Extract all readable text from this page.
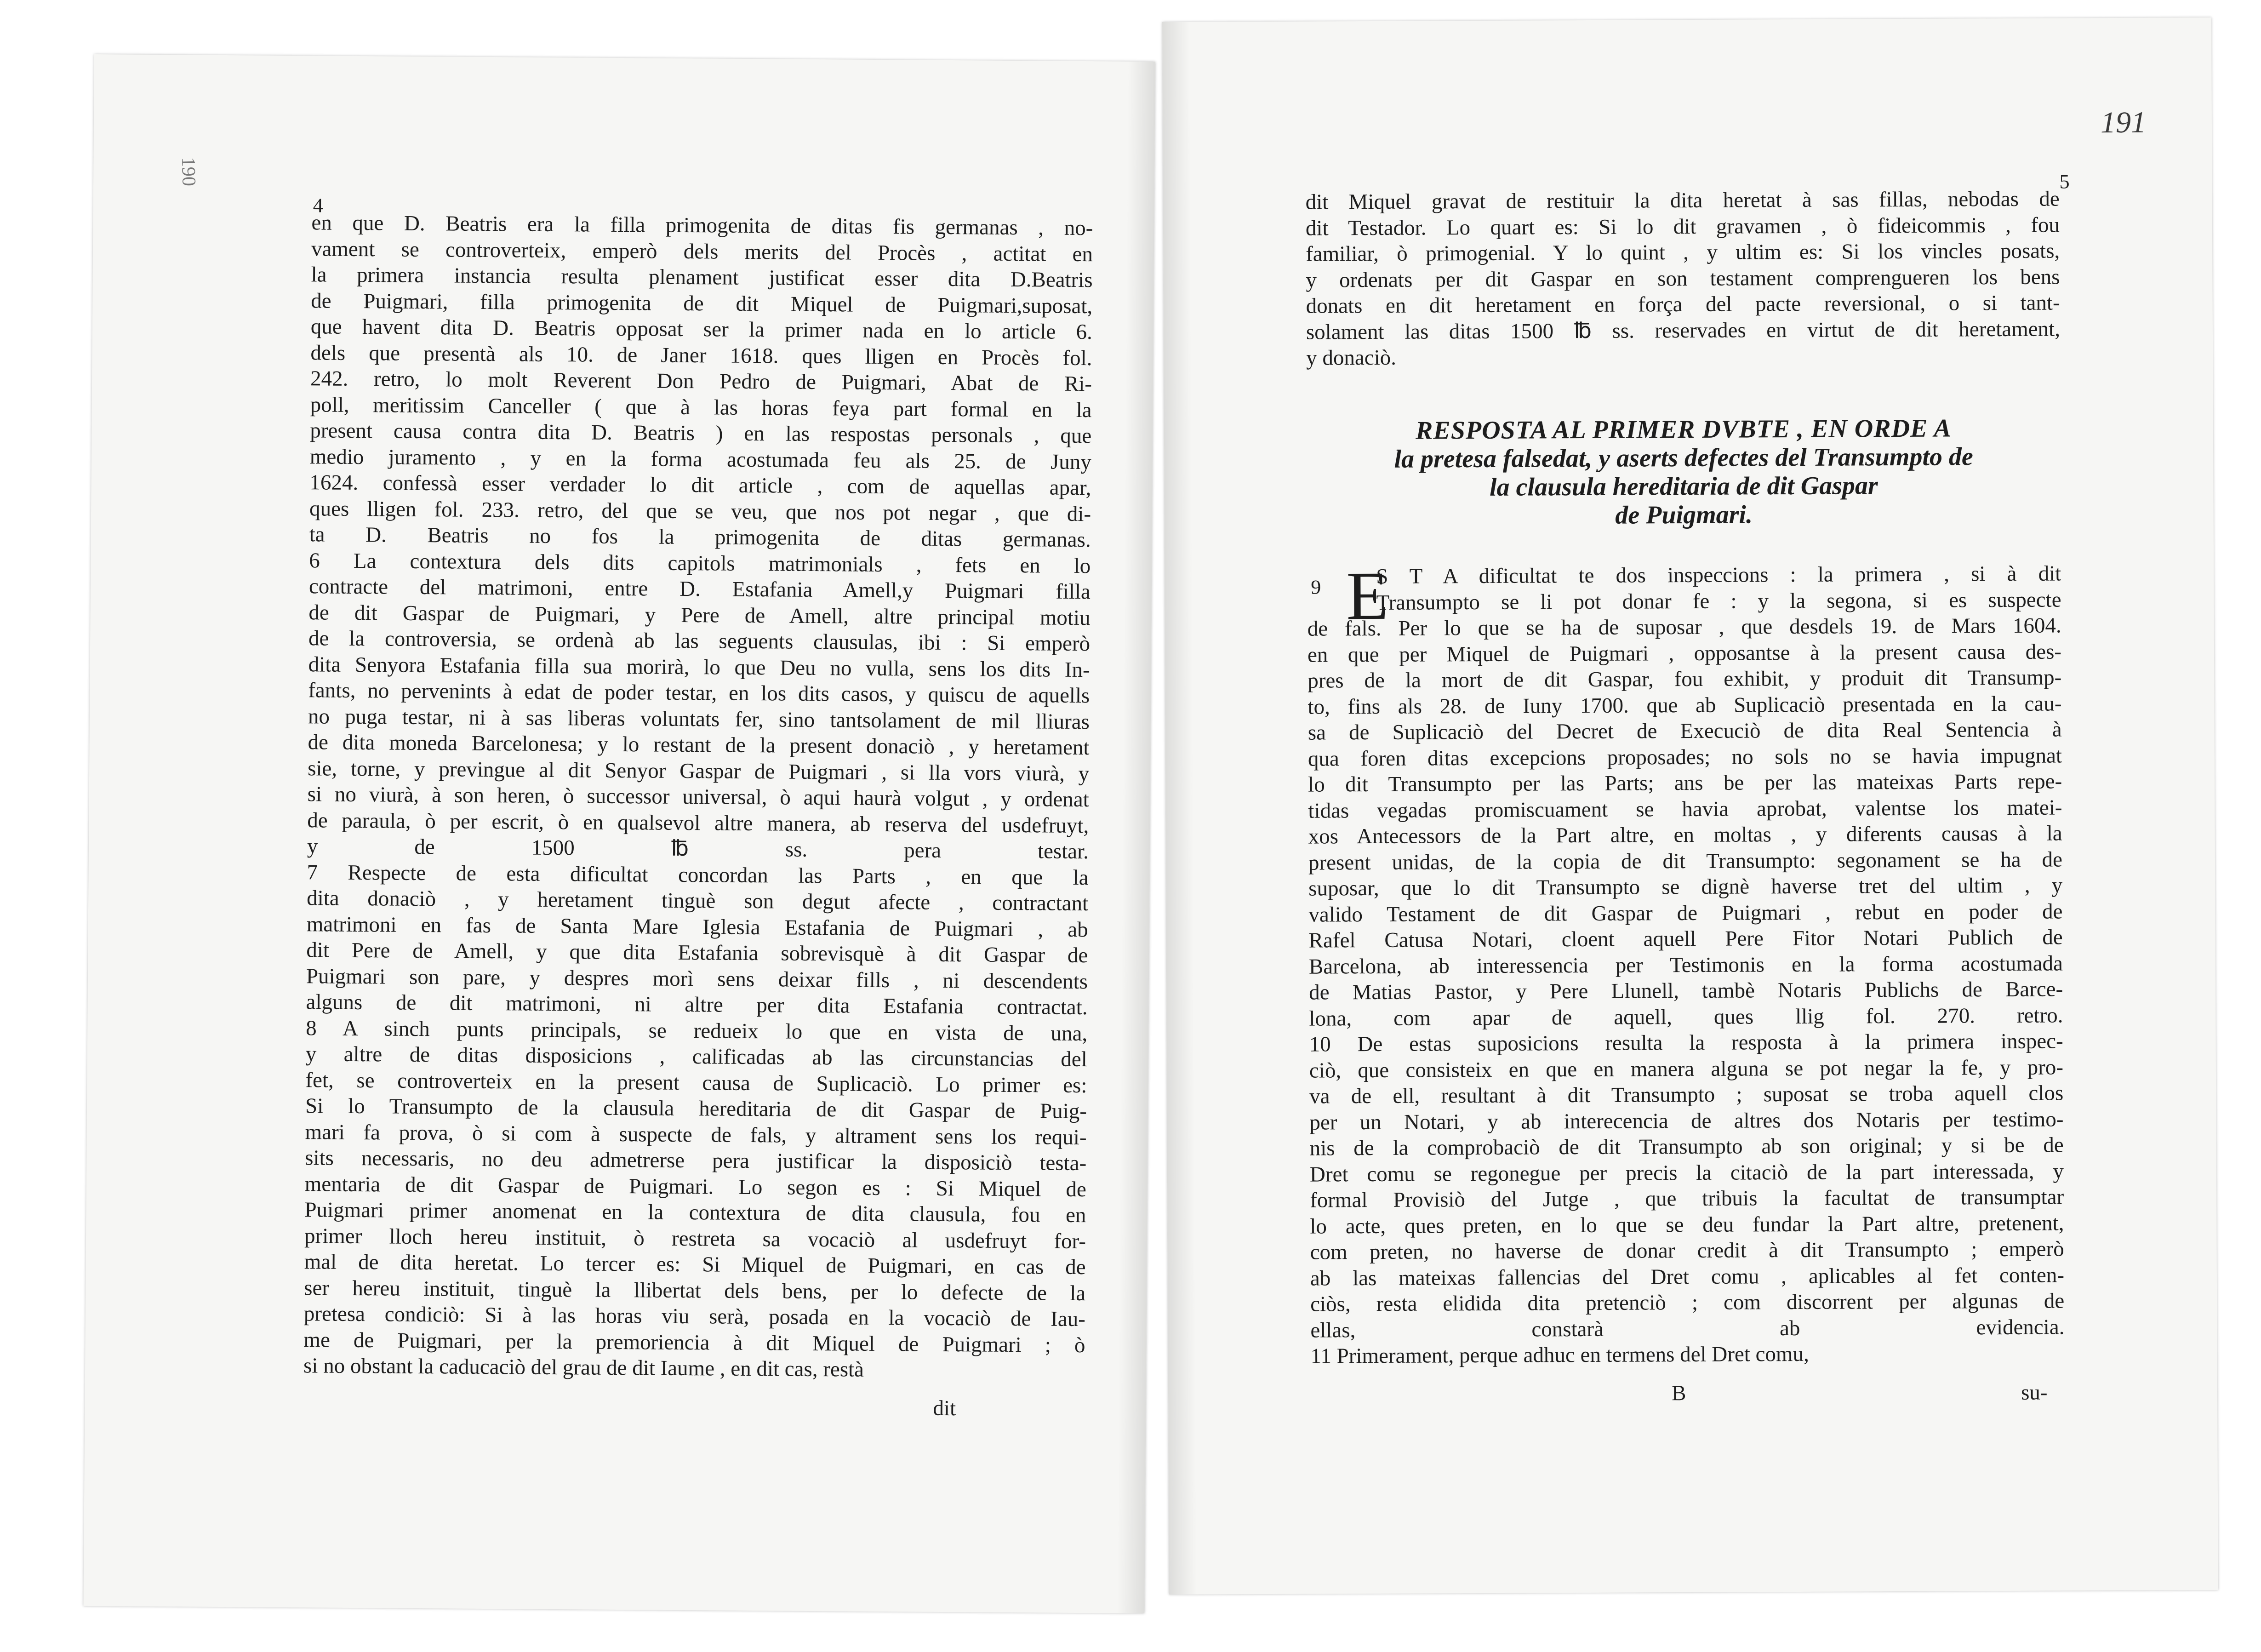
190
4
en que D. Beatris era la filla primogenita de ditas fis germanas , no-
vament se controverteix, emperò dels merits del Procès , actitat en
la primera instancia resulta plenament justificat esser dita D.Beatris
de Puigmari, filla primogenita de dit Miquel de Puigmari,suposat,
que havent dita D. Beatris opposat ser la primer nada en lo article 6.
dels que presentà als 10. de Janer 1618. ques lligen en Procès fol.
242. retro, lo molt Reverent Don Pedro de Puigmari, Abat de Ri-
poll, meritissim Canceller ( que à las horas feya part formal en la
present causa contra dita D. Beatris ) en las respostas personals , que
medio juramento , y en la forma acostumada feu als 25. de Juny
1624. confessà esser verdader lo dit article , com de aquellas apar,
ques lligen fol. 233. retro, del que se veu, que nos pot negar , que di-
ta D. Beatris no fos la primogenita de ditas germanas.
6 La contextura dels dits capitols matrimonials , fets en lo
contracte del matrimoni, entre D. Estafania Amell,y Puigmari filla
de dit Gaspar de Puigmari, y Pere de Amell, altre principal motiu
de la controversia, se ordenà ab las seguents clausulas, ibi : Si emperò
dita Senyora Estafania filla sua morirà, lo que Deu no vulla, sens los dits In-
fants, no pervenints à edat de poder testar, en los dits casos, y quiscu de aquells
no puga testar, ni à sas liberas voluntats fer, sino tantsolament de mil lliuras
de dita moneda Barcelonesa; y lo restant de la present donaciò , y heretament
sie, torne, y previngue al dit Senyor Gaspar de Puigmari , si lla vors viurà, y
si no viurà, à son heren, ò successor universal, ò aqui haurà volgut , y ordenat
de paraula, ò per escrit, ò en qualsevol altre manera, ab reserva del usdefruyt,
y de 1500 ℔ ss. pera testar.
7 Respecte de esta dificultat concordan las Parts , en que la
dita donaciò , y heretament tinguè son degut afecte , contractant
matrimoni en fas de Santa Mare Iglesia Estafania de Puigmari , ab
dit Pere de Amell, y que dita Estafania sobrevisquè à dit Gaspar de
Puigmari son pare, y despres morì sens deixar fills , ni descendents
alguns de dit matrimoni, ni altre per dita Estafania contractat.
8 A sinch punts principals, se redueix lo que en vista de una,
y altre de ditas disposicions , calificadas ab las circunstancias del
fet, se controverteix en la present causa de Suplicaciò. Lo primer es:
Si lo Transumpto de la clausula hereditaria de dit Gaspar de Puig-
mari fa prova, ò si com à suspecte de fals, y altrament sens los requi-
sits necessaris, no deu admetrerse pera justificar la disposiciò testa-
mentaria de dit Gaspar de Puigmari. Lo segon es : Si Miquel de
Puigmari primer anomenat en la contextura de dita clausula, fou en
primer lloch hereu instituit, ò restreta sa vocaciò al usdefruyt for-
mal de dita heretat. Lo tercer es: Si Miquel de Puigmari, en cas de
ser hereu instituit, tinguè la llibertat dels bens, per lo defecte de la
pretesa condiciò: Si à las horas viu serà, posada en la vocaciò de Iau-
me de Puigmari, per la premoriencia à dit Miquel de Puigmari ; ò
si no obstant la caducaciò del grau de dit Iaume , en dit cas, restà
dit
191
5
dit Miquel gravat de restituir la dita heretat à sas fillas, nebodas de
dit Testador. Lo quart es: Si lo dit gravamen , ò fideicommis , fou
familiar, ò primogenial. Y lo quint , y ultim es: Si los vincles posats,
y ordenats per dit Gaspar en son testament comprengueren los bens
donats en dit heretament en força del pacte reversional, o si tant-
solament las ditas 1500 ℔ ss. reservades en virtut de dit heretament,
y donaciò.
RESPOSTA AL PRIMER DVBTE , EN ORDE A
la pretesa falsedat, y aserts defectes del Transumpto de
la clausula hereditaria de dit Gaspar
de Puigmari.
9 E
S T A dificultat te dos inspeccions : la primera , si à dit
Transumpto se li pot donar fe : y la segona, si es suspecte
de fals. Per lo que se ha de suposar , que desdels 19. de Mars 1604.
en que per Miquel de Puigmari , opposantse à la present causa des-
pres de la mort de dit Gaspar, fou exhibit, y produit dit Transump-
to, fins als 28. de Iuny 1700. que ab Suplicaciò presentada en la cau-
sa de Suplicaciò del Decret de Execuciò de dita Real Sentencia à
qua foren ditas excepcions proposades; no sols no se havia impugnat
lo dit Transumpto per las Parts; ans be per las mateixas Parts repe-
tidas vegadas promiscuament se havia aprobat, valentse los matei-
xos Antecessors de la Part altre, en moltas , y diferents causas à la
present unidas, de la copia de dit Transumpto: segonament se ha de
suposar, que lo dit Transumpto se dignè haverse tret del ultim , y
valido Testament de dit Gaspar de Puigmari , rebut en poder de
Rafel Catusa Notari, cloent aquell Pere Fitor Notari Publich de
Barcelona, ab interessencia per Testimonis en la forma acostumada
de Matias Pastor, y Pere Llunell, tambè Notaris Publichs de Barce-
lona, com apar de aquell, ques llig fol. 270. retro.
10 De estas suposicions resulta la resposta à la primera inspec-
ciò, que consisteix en que en manera alguna se pot negar la fe, y pro-
va de ell, resultant à dit Transumpto ; suposat se troba aquell clos
per un Notari, y ab interecencia de altres dos Notaris per testimo-
nis de la comprobaciò de dit Transumpto ab son original; y si be de
Dret comu se regonegue per precis la citaciò de la part interessada, y
formal Provisiò del Jutge , que tribuis la facultat de transumptar
lo acte, ques preten, en lo que se deu fundar la Part altre, pretenent,
com preten, no haverse de donar credit à dit Transumpto ; emperò
ab las mateixas fallencias del Dret comu , aplicables al fet conten-
ciòs, resta elidida dita pretenciò ; com discorrent per algunas de
ellas, constarà ab evidencia.
11 Primerament, perque adhuc en termens del Dret comu,
B	su-
